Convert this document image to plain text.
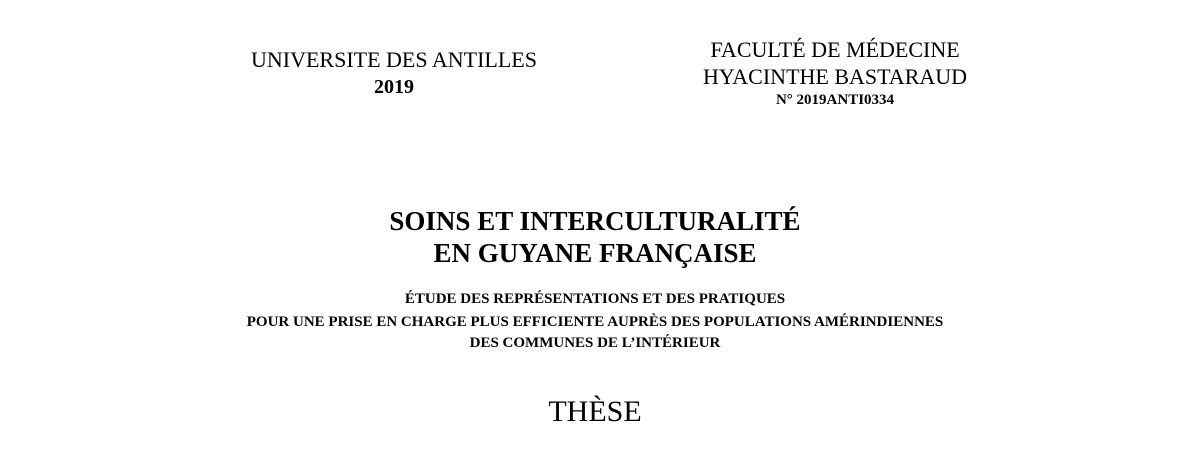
UNIVERSITE DES ANTILLES
2019
FACULTÉ DE MÉDECINE
HYACINTHE BASTARAUD
N° 2019ANTI0334
SOINS ET INTERCULTURALITÉ
EN GUYANE FRANÇAISE
ÉTUDE DES REPRÉSENTATIONS ET DES PRATIQUES
POUR UNE PRISE EN CHARGE PLUS EFFICIENTE AUPRÈS DES POPULATIONS AMÉRINDIENNES
DES COMMUNES DE L’INTÉRIEUR
THÈSE
